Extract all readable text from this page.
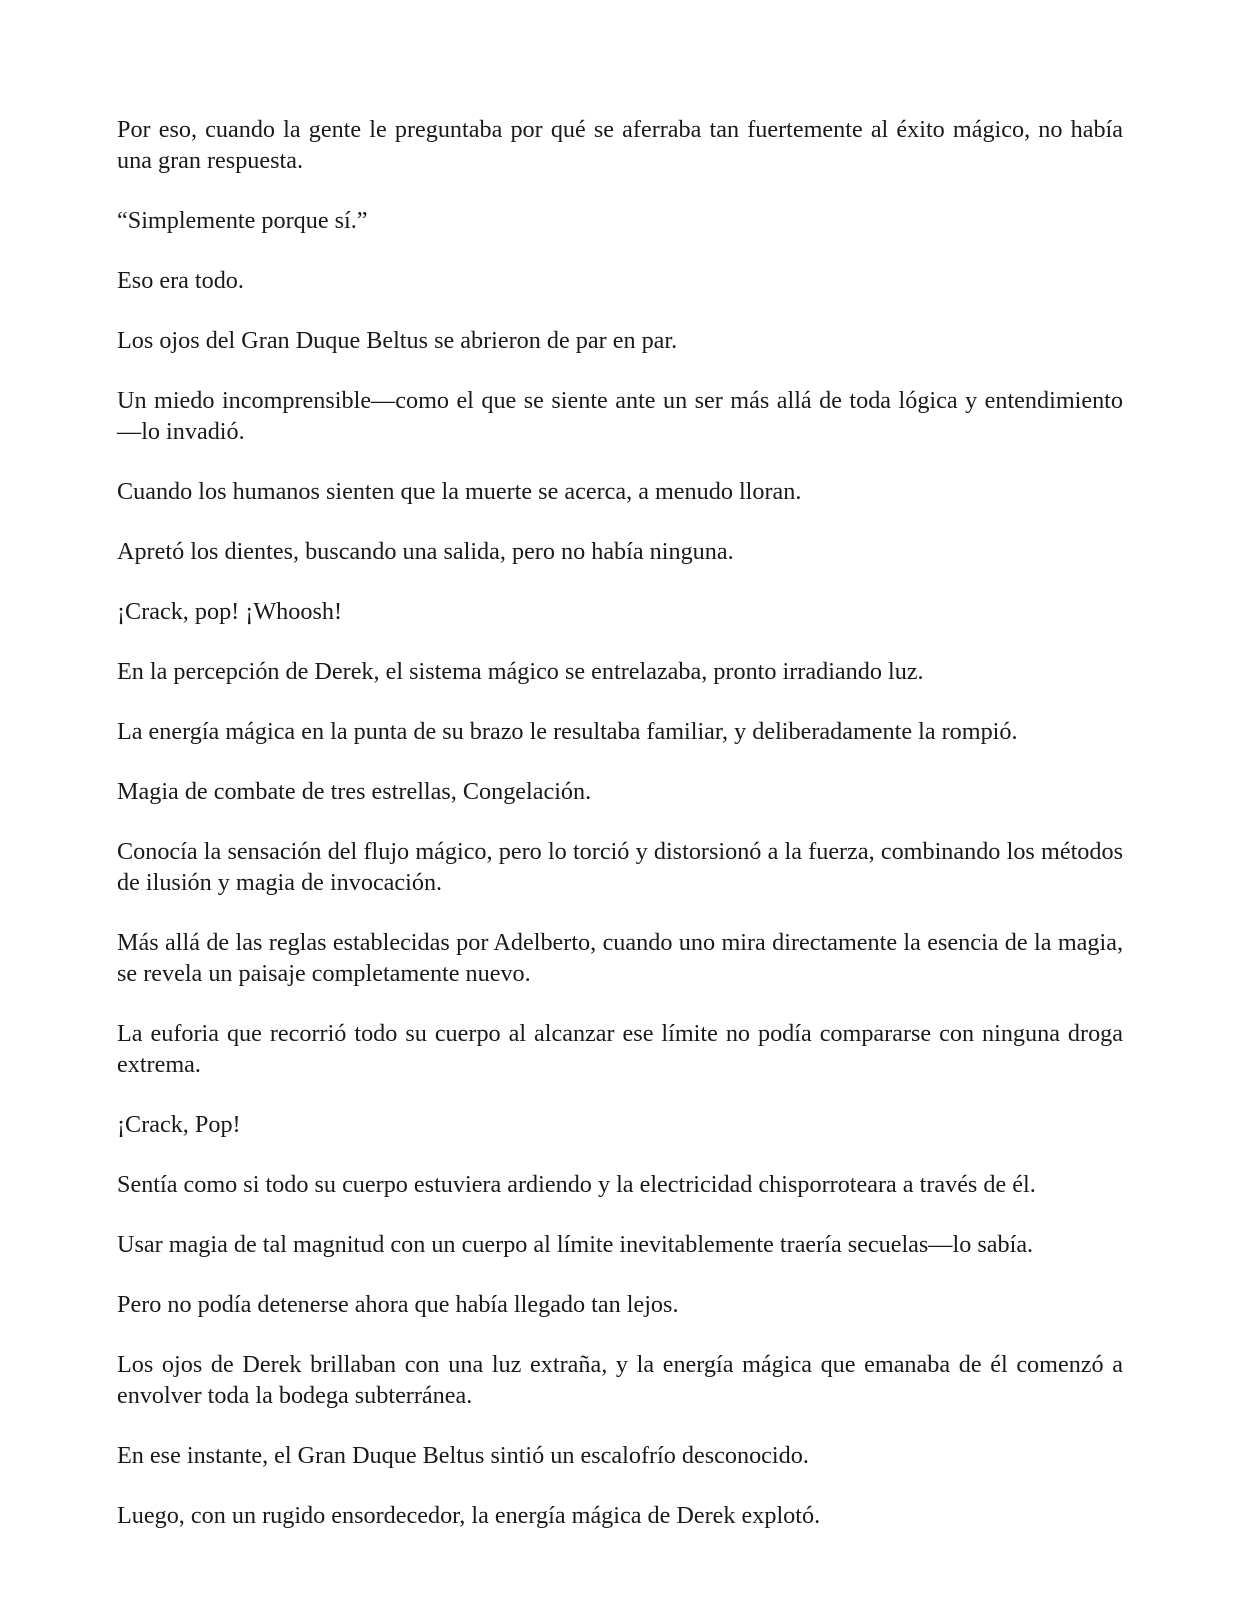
Por eso, cuando la gente le preguntaba por qué se aferraba tan fuertemente al éxito mágico, no había una gran respuesta.

“Simplemente porque sí.”

Eso era todo.

Los ojos del Gran Duque Beltus se abrieron de par en par.

Un miedo incomprensible—como el que se siente ante un ser más allá de toda lógica y entendimiento—lo invadió.

Cuando los humanos sienten que la muerte se acerca, a menudo lloran.

Apretó los dientes, buscando una salida, pero no había ninguna.

¡Crack, pop! ¡Whoosh!

En la percepción de Derek, el sistema mágico se entrelazaba, pronto irradiando luz.

La energía mágica en la punta de su brazo le resultaba familiar, y deliberadamente la rompió.

Magia de combate de tres estrellas, Congelación.

Conocía la sensación del flujo mágico, pero lo torció y distorsionó a la fuerza, combinando los métodos de ilusión y magia de invocación.

Más allá de las reglas establecidas por Adelberto, cuando uno mira directamente la esencia de la magia, se revela un paisaje completamente nuevo.

La euforia que recorrió todo su cuerpo al alcanzar ese límite no podía compararse con ninguna droga extrema.

¡Crack, Pop!

Sentía como si todo su cuerpo estuviera ardiendo y la electricidad chisporroteara a través de él.

Usar magia de tal magnitud con un cuerpo al límite inevitablemente traería secuelas—lo sabía.

Pero no podía detenerse ahora que había llegado tan lejos.

Los ojos de Derek brillaban con una luz extraña, y la energía mágica que emanaba de él comenzó a envolver toda la bodega subterránea.

En ese instante, el Gran Duque Beltus sintió un escalofrío desconocido.

Luego, con un rugido ensordecedor, la energía mágica de Derek explotó.
